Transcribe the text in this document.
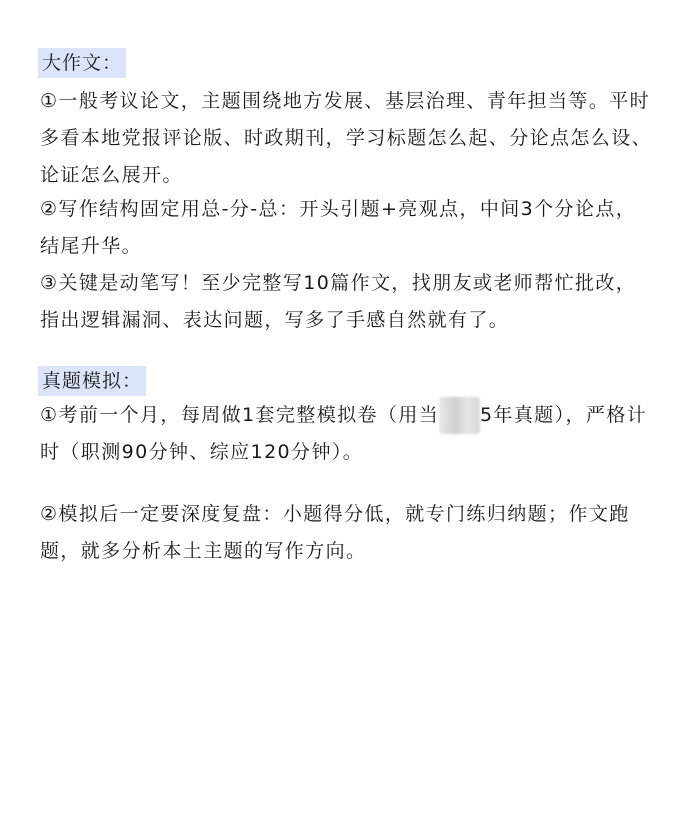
大作文：

①一般考议论文，主题围绕地方发展、基层治理、青年担当等。平时多看本地党报评论版、时政期刊，学习标题怎么起、分论点怎么设、论证怎么展开。

②写作结构固定用总-分-总：开头引题+亮观点，中间3个分论点，结尾升华。

③关键是动笔写！至少完整写10篇作文，找朋友或老师帮忙批改，指出逻辑漏洞、表达问题，写多了手感自然就有了。

真题模拟：

①考前一个月，每周做1套完整模拟卷（用当 5年真题），严格计时（职测90分钟、综应120分钟）。

②模拟后一定要深度复盘：小题得分低，就专门练归纳题；作文跑题，就多分析本土主题的写作方向。
